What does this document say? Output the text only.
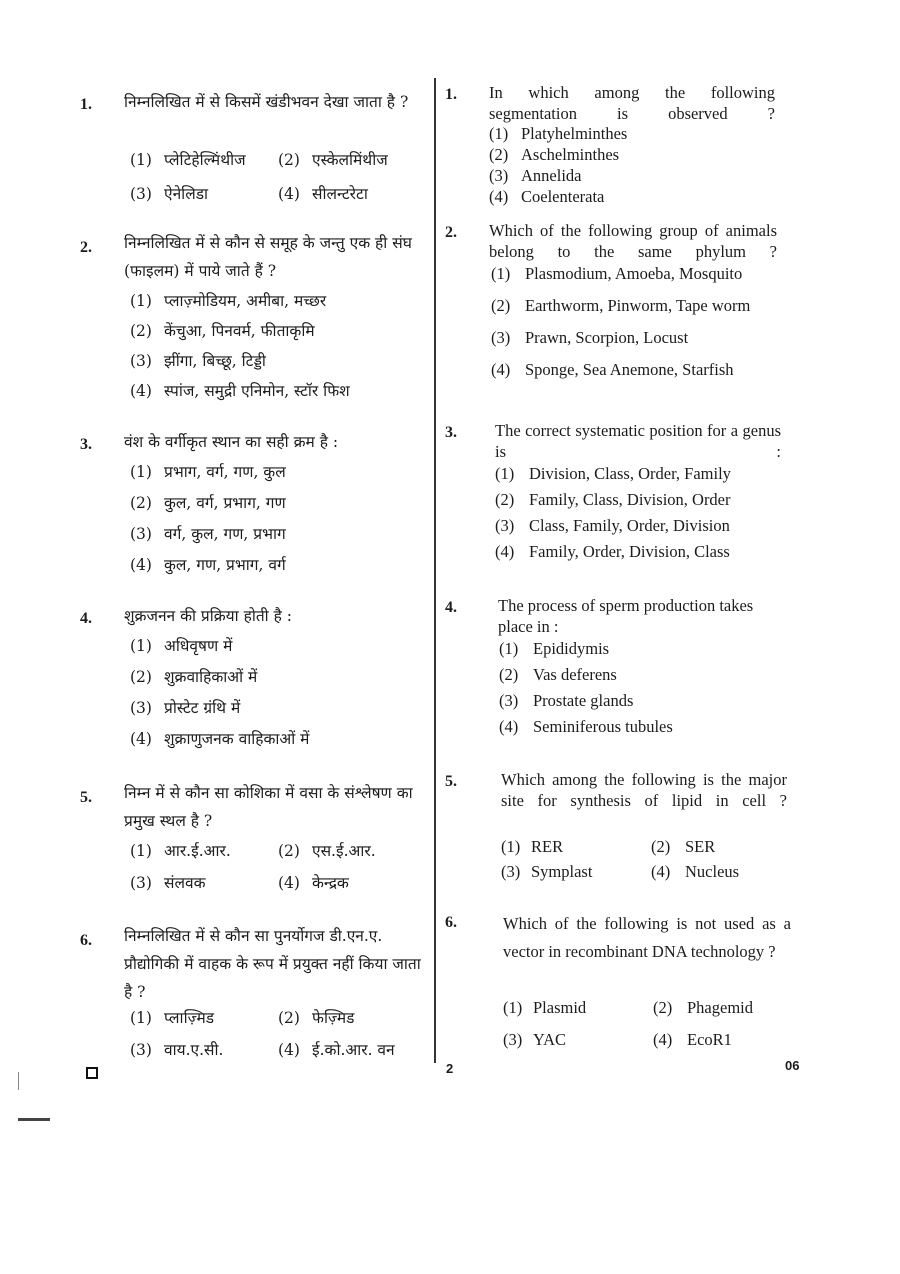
1. निम्नलिखित में से किसमें खंडीभवन देखा जाता है ?
(1) प्लेटिहेल्मिंथीज	(2) एस्केलमिंथीज
(3) ऐनेलिडा	(4) सीलन्टरेटा
2. निम्नलिखित में से कौन से समूह के जन्तु एक ही संघ (फाइलम) में पाये जाते हैं ?
(1) प्लाज़्मोडियम, अमीबा, मच्छर
(2) केंचुआ, पिनवर्म, फीताकृमि
(3) झींगा, बिच्छू, टिड्डी
(4) स्पांज, समुद्री एनिमोन, स्टॉर फिश
3. वंश के वर्गीकृत स्थान का सही क्रम है :
(1) प्रभाग, वर्ग, गण, कुल
(2) कुल, वर्ग, प्रभाग, गण
(3) वर्ग, कुल, गण, प्रभाग
(4) कुल, गण, प्रभाग, वर्ग
4. शुक्रजनन की प्रक्रिया होती है :
(1) अधिवृषण में
(2) शुक्रवाहिकाओं में
(3) प्रोस्टेट ग्रंथि में
(4) शुक्राणुजनक वाहिकाओं में
5. निम्न में से कौन सा कोशिका में वसा के संश्लेषण का प्रमुख स्थल है ?
(1) आर.ई.आर.	(2) एस.ई.आर.
(3) संलवक	(4) केन्द्रक
6. निम्नलिखित में से कौन सा पुनर्योगज डी.एन.ए. प्रौद्योगिकी में वाहक के रूप में प्रयुक्त नहीं किया जाता है ?
(1) प्लाज़्मिड	(2) फेज़्मिड
(3) वाय.ए.सी.	(4) ई.को.आर. वन
1. In which among the following segmentation is observed ?
(1) Platyhelminthes
(2) Aschelminthes
(3) Annelida
(4) Coelenterata
2. Which of the following group of animals belong to the same phylum ?
(1) Plasmodium, Amoeba, Mosquito
(2) Earthworm, Pinworm, Tape worm
(3) Prawn, Scorpion, Locust
(4) Sponge, Sea Anemone, Starfish
3. The correct systematic position for a genus is :
(1) Division, Class, Order, Family
(2) Family, Class, Division, Order
(3) Class, Family, Order, Division
(4) Family, Order, Division, Class
4. The process of sperm production takes place in :
(1) Epididymis
(2) Vas deferens
(3) Prostate glands
(4) Seminiferous tubules
5.	Which among the following is the major site for synthesis of lipid in cell ?
(1) RER	(2) SER
(3) Symplast	(4) Nucleus
6.	Which of the following is not used as a vector in recombinant DNA technology ?
(1) Plasmid	(2) Phagemid
(3) YAC	(4) EcoR1
2	06
